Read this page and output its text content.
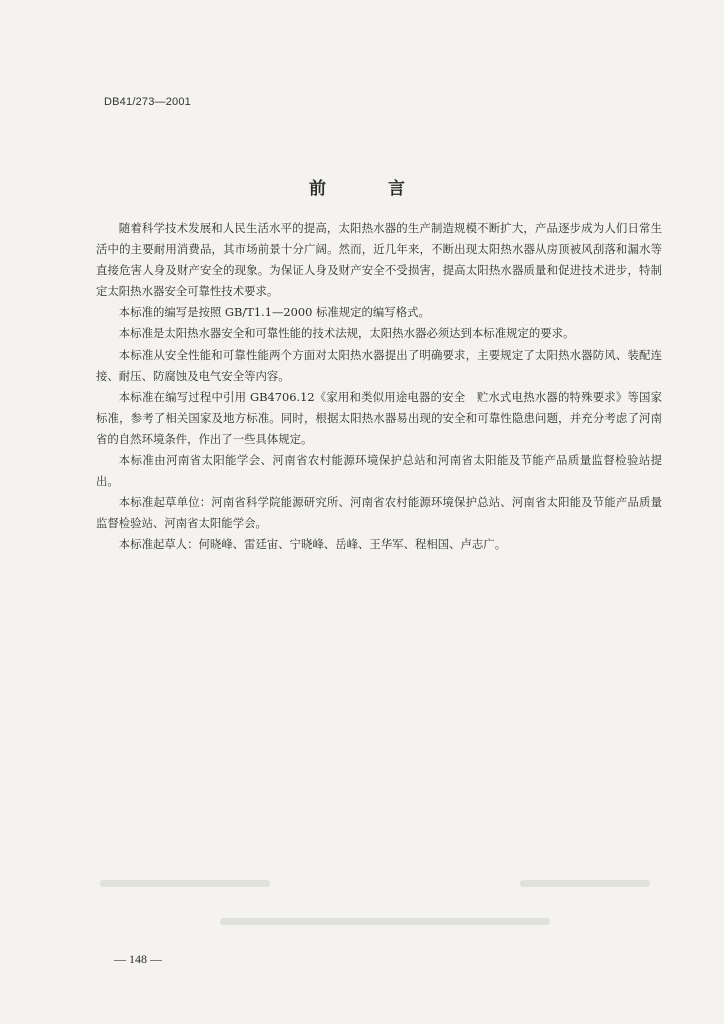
DB41/273—2001
前 言

随着科学技术发展和人民生活水平的提高，太阳热水器的生产制造规模不断扩大，产品逐步成为人们日常生活中的主要耐用消费品，其市场前景十分广阔。然而，近几年来，不断出现太阳热水器从房顶被风刮落和漏水等直接危害人身及财产安全的现象。为保证人身及财产安全不受损害，提高太阳热水器质量和促进技术进步，特制定太阳热水器安全可靠性技术要求。

本标准的编写是按照 GB/T1.1—2000 标准规定的编写格式。

本标准是太阳热水器安全和可靠性能的技术法规，太阳热水器必须达到本标准规定的要求。

本标准从安全性能和可靠性能两个方面对太阳热水器提出了明确要求，主要规定了太阳热水器防风、装配连接、耐压、防腐蚀及电气安全等内容。

本标准在编写过程中引用 GB4706.12《家用和类似用途电器的安全　贮水式电热水器的特殊要求》等国家标准，参考了相关国家及地方标准。同时，根据太阳热水器易出现的安全和可靠性隐患问题，并充分考虑了河南省的自然环境条件，作出了一些具体规定。

本标准由河南省太阳能学会、河南省农村能源环境保护总站和河南省太阳能及节能产品质量监督检验站提出。

本标准起草单位：河南省科学院能源研究所、河南省农村能源环境保护总站、河南省太阳能及节能产品质量监督检验站、河南省太阳能学会。

本标准起草人：何晓峰、雷廷宙、宁晓峰、岳峰、王华军、程相国、卢志广。

— 148 —
